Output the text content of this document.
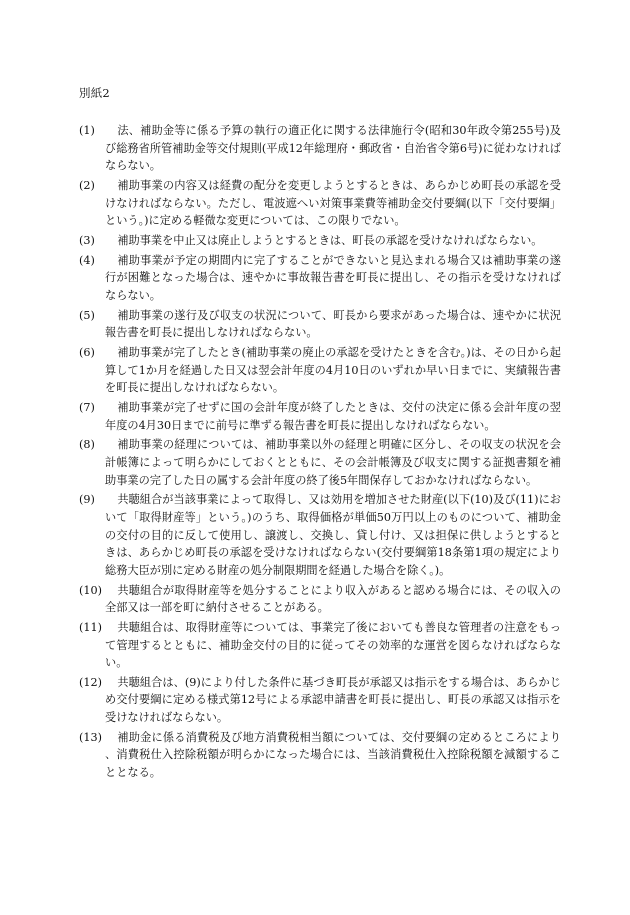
別紙2
(1)	法、補助金等に係る予算の執行の適正化に関する法律施行令(昭和30年政令第255号)及び総務省所管補助金等交付規則(平成12年総理府・郵政省・自治省令第6号)に従わなければならない。
(2)	補助事業の内容又は経費の配分を変更しようとするときは、あらかじめ町長の承認を受けなければならない。ただし、電波遮へい対策事業費等補助金交付要綱(以下「交付要綱」という。)に定める軽微な変更については、この限りでない。
(3)	補助事業を中止又は廃止しようとするときは、町長の承認を受けなければならない。
(4)	補助事業が予定の期間内に完了することができないと見込まれる場合又は補助事業の遂行が困難となった場合は、速やかに事故報告書を町長に提出し、その指示を受けなければならない。
(5)	補助事業の遂行及び収支の状況について、町長から要求があった場合は、速やかに状況報告書を町長に提出しなければならない。
(6)	補助事業が完了したとき(補助事業の廃止の承認を受けたときを含む。)は、その日から起算して1か月を経過した日又は翌会計年度の4月10日のいずれか早い日までに、実績報告書を町長に提出しなければならない。
(7)	補助事業が完了せずに国の会計年度が終了したときは、交付の決定に係る会計年度の翌年度の4月30日までに前号に準ずる報告書を町長に提出しなければならない。
(8)	補助事業の経理については、補助事業以外の経理と明確に区分し、その収支の状況を会計帳簿によって明らかにしておくとともに、その会計帳簿及び収支に関する証拠書類を補助事業の完了した日の属する会計年度の終了後5年間保存しておかなければならない。
(9)	共聴組合が当該事業によって取得し、又は効用を増加させた財産(以下(10)及び(11)において「取得財産等」という。)のうち、取得価格が単価50万円以上のものについて、補助金の交付の目的に反して使用し、譲渡し、交換し、貸し付け、又は担保に供しようとするときは、あらかじめ町長の承認を受けなければならない(交付要綱第18条第1項の規定により総務大臣が別に定める財産の処分制限期間を経過した場合を除く。)。
(10)	共聴組合が取得財産等を処分することにより収入があると認める場合には、その収入の全部又は一部を町に納付させることがある。
(11)	共聴組合は、取得財産等については、事業完了後においても善良な管理者の注意をもって管理するとともに、補助金交付の目的に従ってその効率的な運営を図らなければならない。
(12)	共聴組合は、(9)により付した条件に基づき町長が承認又は指示をする場合は、あらかじめ交付要綱に定める様式第12号による承認申請書を町長に提出し、町長の承認又は指示を受けなければならない。
(13)	補助金に係る消費税及び地方消費税相当額については、交付要綱の定めるところにより、消費税仕入控除税額が明らかになった場合には、当該消費税仕入控除税額を減額することとなる。
